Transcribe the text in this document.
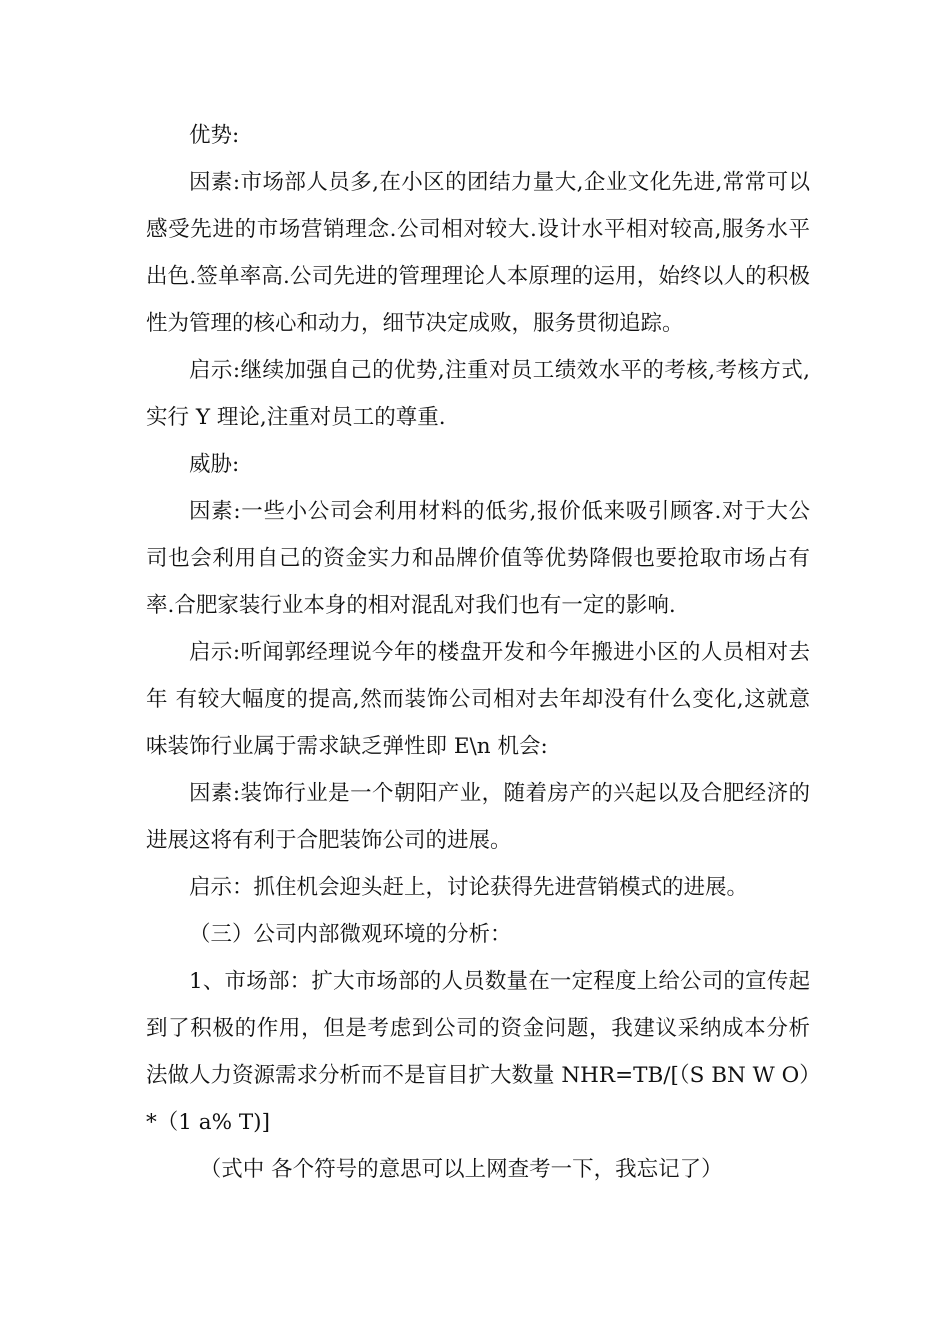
优势:

因素:市场部人员多,在小区的团结力量大,企业文化先进,常常可以感受先进的市场营销理念.公司相对较大.设计水平相对较高,服务水平出色.签单率高.公司先进的管理理论人本原理的运用，始终以人的积极性为管理的核心和动力，细节决定成败，服务贯彻追踪。

启示:继续加强自己的优势,注重对员工绩效水平的考核,考核方式,实行 Y 理论,注重对员工的尊重.

威胁:

因素:一些小公司会利用材料的低劣,报价低来吸引顾客.对于大公司也会利用自己的资金实力和品牌价值等优势降假也要抢取市场占有率.合肥家装行业本身的相对混乱对我们也有一定的影响.

启示:听闻郭经理说今年的楼盘开发和今年搬进小区的人员相对去年 有较大幅度的提高,然而装饰公司相对去年却没有什么变化,这就意味装饰行业属于需求缺乏弹性即 E\n 机会:

因素:装饰行业是一个朝阳产业，随着房产的兴起以及合肥经济的进展这将有利于合肥装饰公司的进展。

启示：抓住机会迎头赶上，讨论获得先进营销模式的进展。

（三）公司内部微观环境的分析：

1、市场部：扩大市场部的人员数量在一定程度上给公司的宣传起到了积极的作用，但是考虑到公司的资金问题，我建议采纳成本分析法做人力资源需求分析而不是盲目扩大数量 NHR=TB/[（S BN W O）*（1 a% T)]

（式中 各个符号的意思可以上网查考一下，我忘记了）
